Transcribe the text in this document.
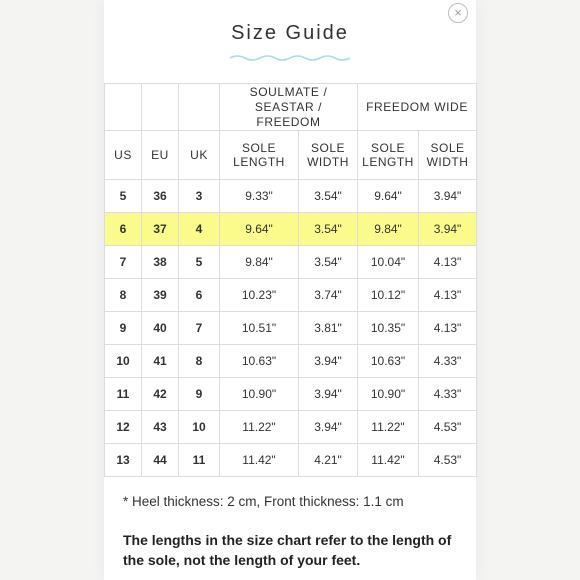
×
Size Guide
			SOULMATE / SEASTAR / FREEDOM		FREEDOM WIDE	
US	EU	UK	SOLE LENGTH	SOLE WIDTH	SOLE LENGTH	SOLE WIDTH
5	36	3	9.33"	3.54"	9.64"	3.94"
6	37	4	9.64"	3.54"	9.84"	3.94"
7	38	5	9.84"	3.54"	10.04"	4.13"
8	39	6	10.23"	3.74"	10.12"	4.13"
9	40	7	10.51"	3.81"	10.35"	4.13"
10	41	8	10.63"	3.94"	10.63"	4.33"
11	42	9	10.90"	3.94"	10.90"	4.33"
12	43	10	11.22"	3.94"	11.22"	4.53"
13	44	11	11.42"	4.21"	11.42"	4.53"
* Heel thickness: 2 cm, Front thickness: 1.1 cm
The lengths in the size chart refer to the length of the sole, not the length of your feet.
